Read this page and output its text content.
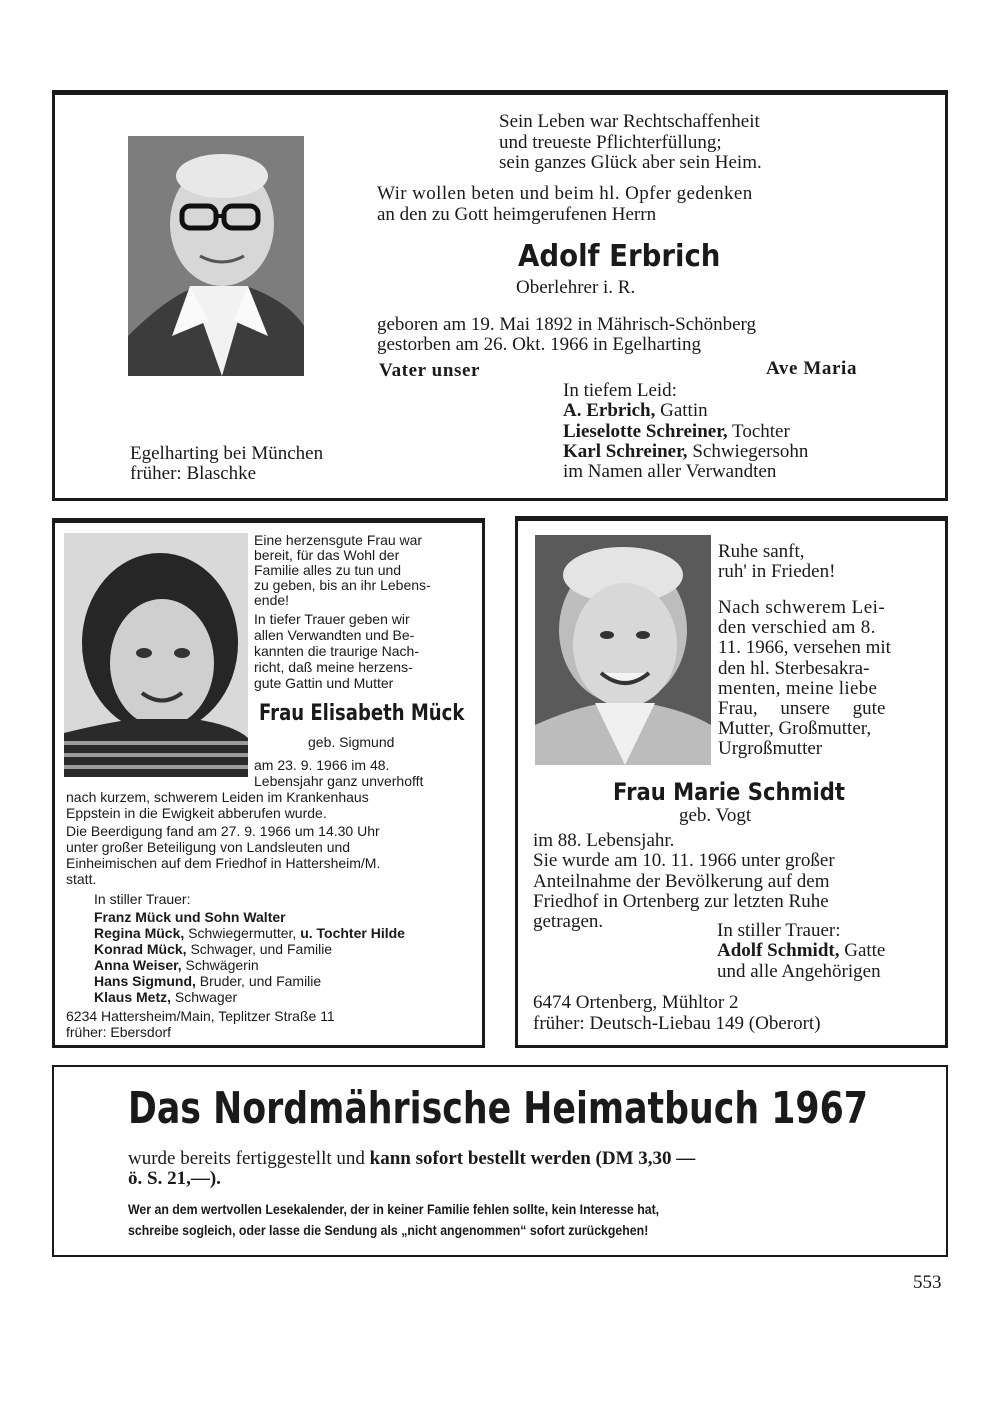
Sein Leben war Rechtschaffenheit
und treueste Pflichterfüllung;
sein ganzes Glück aber sein Heim.
Wir wollen beten und beim hl. Opfer gedenken
an den zu Gott heimgerufenen Herrn
Adolf Erbrich
Oberlehrer i. R.
geboren am 19. Mai 1892 in Mährisch-Schönberg
gestorben am 26. Okt. 1966 in Egelharting
Vater unser	Ave Maria
In tiefem Leid:
A. Erbrich, Gattin
Lieselotte Schreiner, Tochter
Karl Schreiner, Schwiegersohn
im Namen aller Verwandten
Egelharting bei München
früher: Blaschke
Eine herzensgute Frau war
bereit, für das Wohl der
Familie alles zu tun und
zu geben, bis an ihr Lebens-
ende!
In tiefer Trauer geben wir
allen Verwandten und Be-
kannten die traurige Nach-
richt, daß meine herzens-
gute Gattin und Mutter
Frau Elisabeth Mück
geb. Sigmund
am 23. 9. 1966 im 48.
Lebensjahr ganz unverhofft
nach kurzem, schwerem Leiden im Krankenhaus
Eppstein in die Ewigkeit abberufen wurde.
Die Beerdigung fand am 27. 9. 1966 um 14.30 Uhr
unter großer Beteiligung von Landsleuten und
Einheimischen auf dem Friedhof in Hattersheim/M.
statt.
In stiller Trauer:
Franz Mück und Sohn Walter
Regina Mück, Schwiegermutter, u. Tochter Hilde
Konrad Mück, Schwager, und Familie
Anna Weiser, Schwägerin
Hans Sigmund, Bruder, und Familie
Klaus Metz, Schwager
6234 Hattersheim/Main, Teplitzer Straße 11
früher: Ebersdorf
Ruhe sanft,
ruh' in Frieden!
Nach schwerem Lei-
den verschied am 8.
11. 1966, versehen mit
den hl. Sterbesakra-
menten, meine liebe
Frau, unsere gute
Mutter, Großmutter,
Urgroßmutter
Frau Marie Schmidt
geb. Vogt
im 88. Lebensjahr.
Sie wurde am 10. 11. 1966 unter großer
Anteilnahme der Bevölkerung auf dem
Friedhof in Ortenberg zur letzten Ruhe
getragen.	In stiller Trauer:
Adolf Schmidt, Gatte
und alle Angehörigen
6474 Ortenberg, Mühltor 2
früher: Deutsch-Liebau 149 (Oberort)
Das Nordmährische Heimatbuch 1967
wurde bereits fertiggestellt und kann sofort bestellt werden (DM 3,30 —
ö. S. 21,—).
Wer an dem wertvollen Lesekalender, der in keiner Familie fehlen sollte, kein Interesse hat,
schreibe sogleich, oder lasse die Sendung als „nicht angenommen“ sofort zurückgehen!
553
